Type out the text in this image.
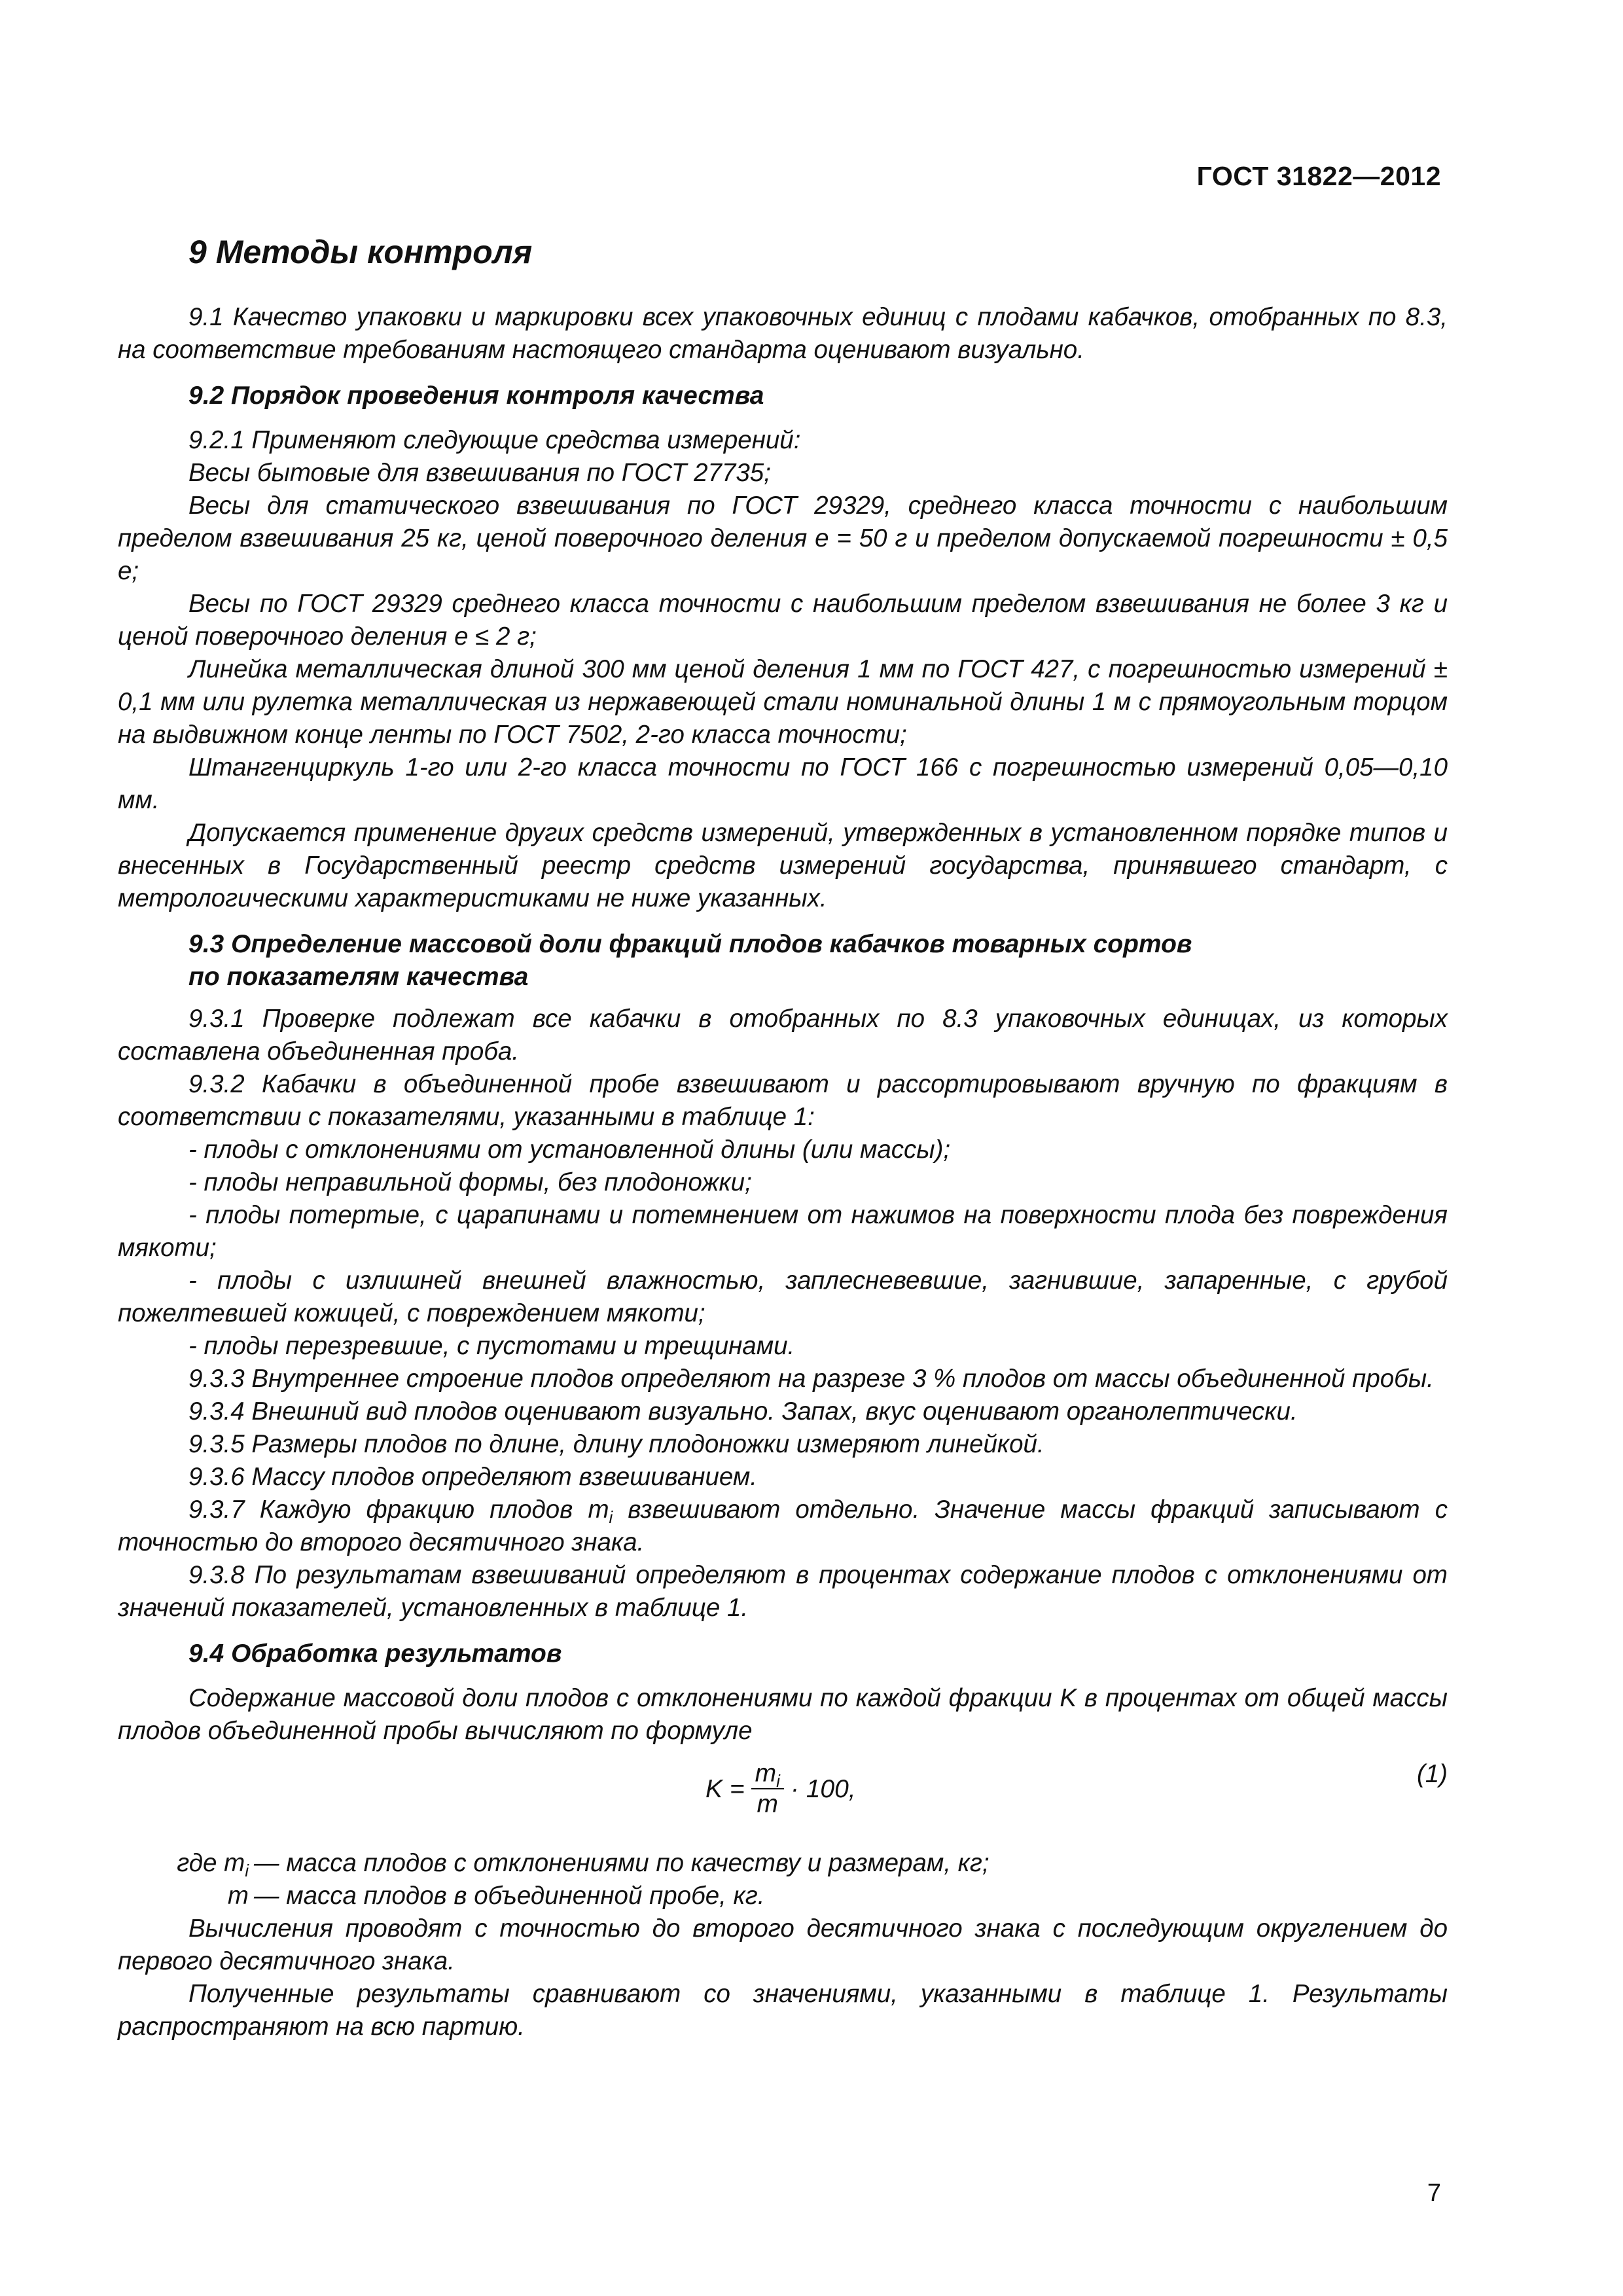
ГОСТ 31822—2012
9 Методы контроля

9.1 Качество упаковки и маркировки всех упаковочных единиц с плодами кабачков, отобранных по 8.3, на соответствие требованиям настоящего стандарта оценивают визуально.

9.2 Порядок проведения контроля качества

9.2.1 Применяют следующие средства измерений:

Весы бытовые для взвешивания по ГОСТ 27735;

Весы для статического взвешивания по ГОСТ 29329, среднего класса точности с наибольшим пределом взвешивания 25 кг, ценой поверочного деления e = 50 г и пределом допускаемой погрешности ± 0,5 e;

Весы по ГОСТ 29329 среднего класса точности с наибольшим пределом взвешивания не более 3 кг и ценой поверочного деления e ≤ 2 г;

Линейка металлическая длиной 300 мм ценой деления 1 мм по ГОСТ 427, с погрешностью измерений ± 0,1 мм или рулетка металлическая из нержавеющей стали номинальной длины 1 м с прямоугольным торцом на выдвижном конце ленты по ГОСТ 7502, 2-го класса точности;

Штангенциркуль 1-го или 2-го класса точности по ГОСТ 166 с погрешностью измерений 0,05—0,10 мм.

Допускается применение других средств измерений, утвержденных в установленном порядке типов и внесенных в Государственный реестр средств измерений государства, принявшего стандарт, с метрологическими характеристиками не ниже указанных.

9.3 Определение массовой доли фракций плодов кабачков товарных сортов
по показателям качества

9.3.1 Проверке подлежат все кабачки в отобранных по 8.3 упаковочных единицах, из которых составлена объединенная проба.

9.3.2 Кабачки в объединенной пробе взвешивают и рассортировывают вручную по фракциям в соответствии с показателями, указанными в таблице 1:

- плоды с отклонениями от установленной длины (или массы);

- плоды неправильной формы, без плодоножки;

- плоды потертые, с царапинами и потемнением от нажимов на поверхности плода без повреждения мякоти;

- плоды с излишней внешней влажностью, заплесневевшие, загнившие, запаренные, с грубой пожелтевшей кожицей, с повреждением мякоти;

- плоды перезревшие, с пустотами и трещинами.

9.3.3 Внутреннее строение плодов определяют на разрезе 3 % плодов от массы объединенной пробы.

9.3.4 Внешний вид плодов оценивают визуально. Запах, вкус оценивают органолептически.

9.3.5 Размеры плодов по длине, длину плодоножки измеряют линейкой.

9.3.6 Массу плодов определяют взвешиванием.

9.3.7 Каждую фракцию плодов $m_i$ взвешивают отдельно. Значение массы фракций записывают с точностью до второго десятичного знака.

9.3.8 По результатам взвешиваний определяют в процентах содержание плодов с отклонениями от значений показателей, установленных в таблице 1.

9.4 Обработка результатов

Содержание массовой доли плодов с отклонениями по каждой фракции K в процентах от общей массы плодов объединенной пробы вычисляют по формуле

$K = \frac{m_i}{m} \cdot 100$,
(1)
где $m_i$ — масса плодов с отклонениями по качеству и размерам, кг;
m — масса плодов в объединенной пробе, кг.

Вычисления проводят с точностью до второго десятичного знака с последующим округлением до первого десятичного знака.

Полученные результаты сравнивают со значениями, указанными в таблице 1. Результаты распространяют на всю партию.

7
